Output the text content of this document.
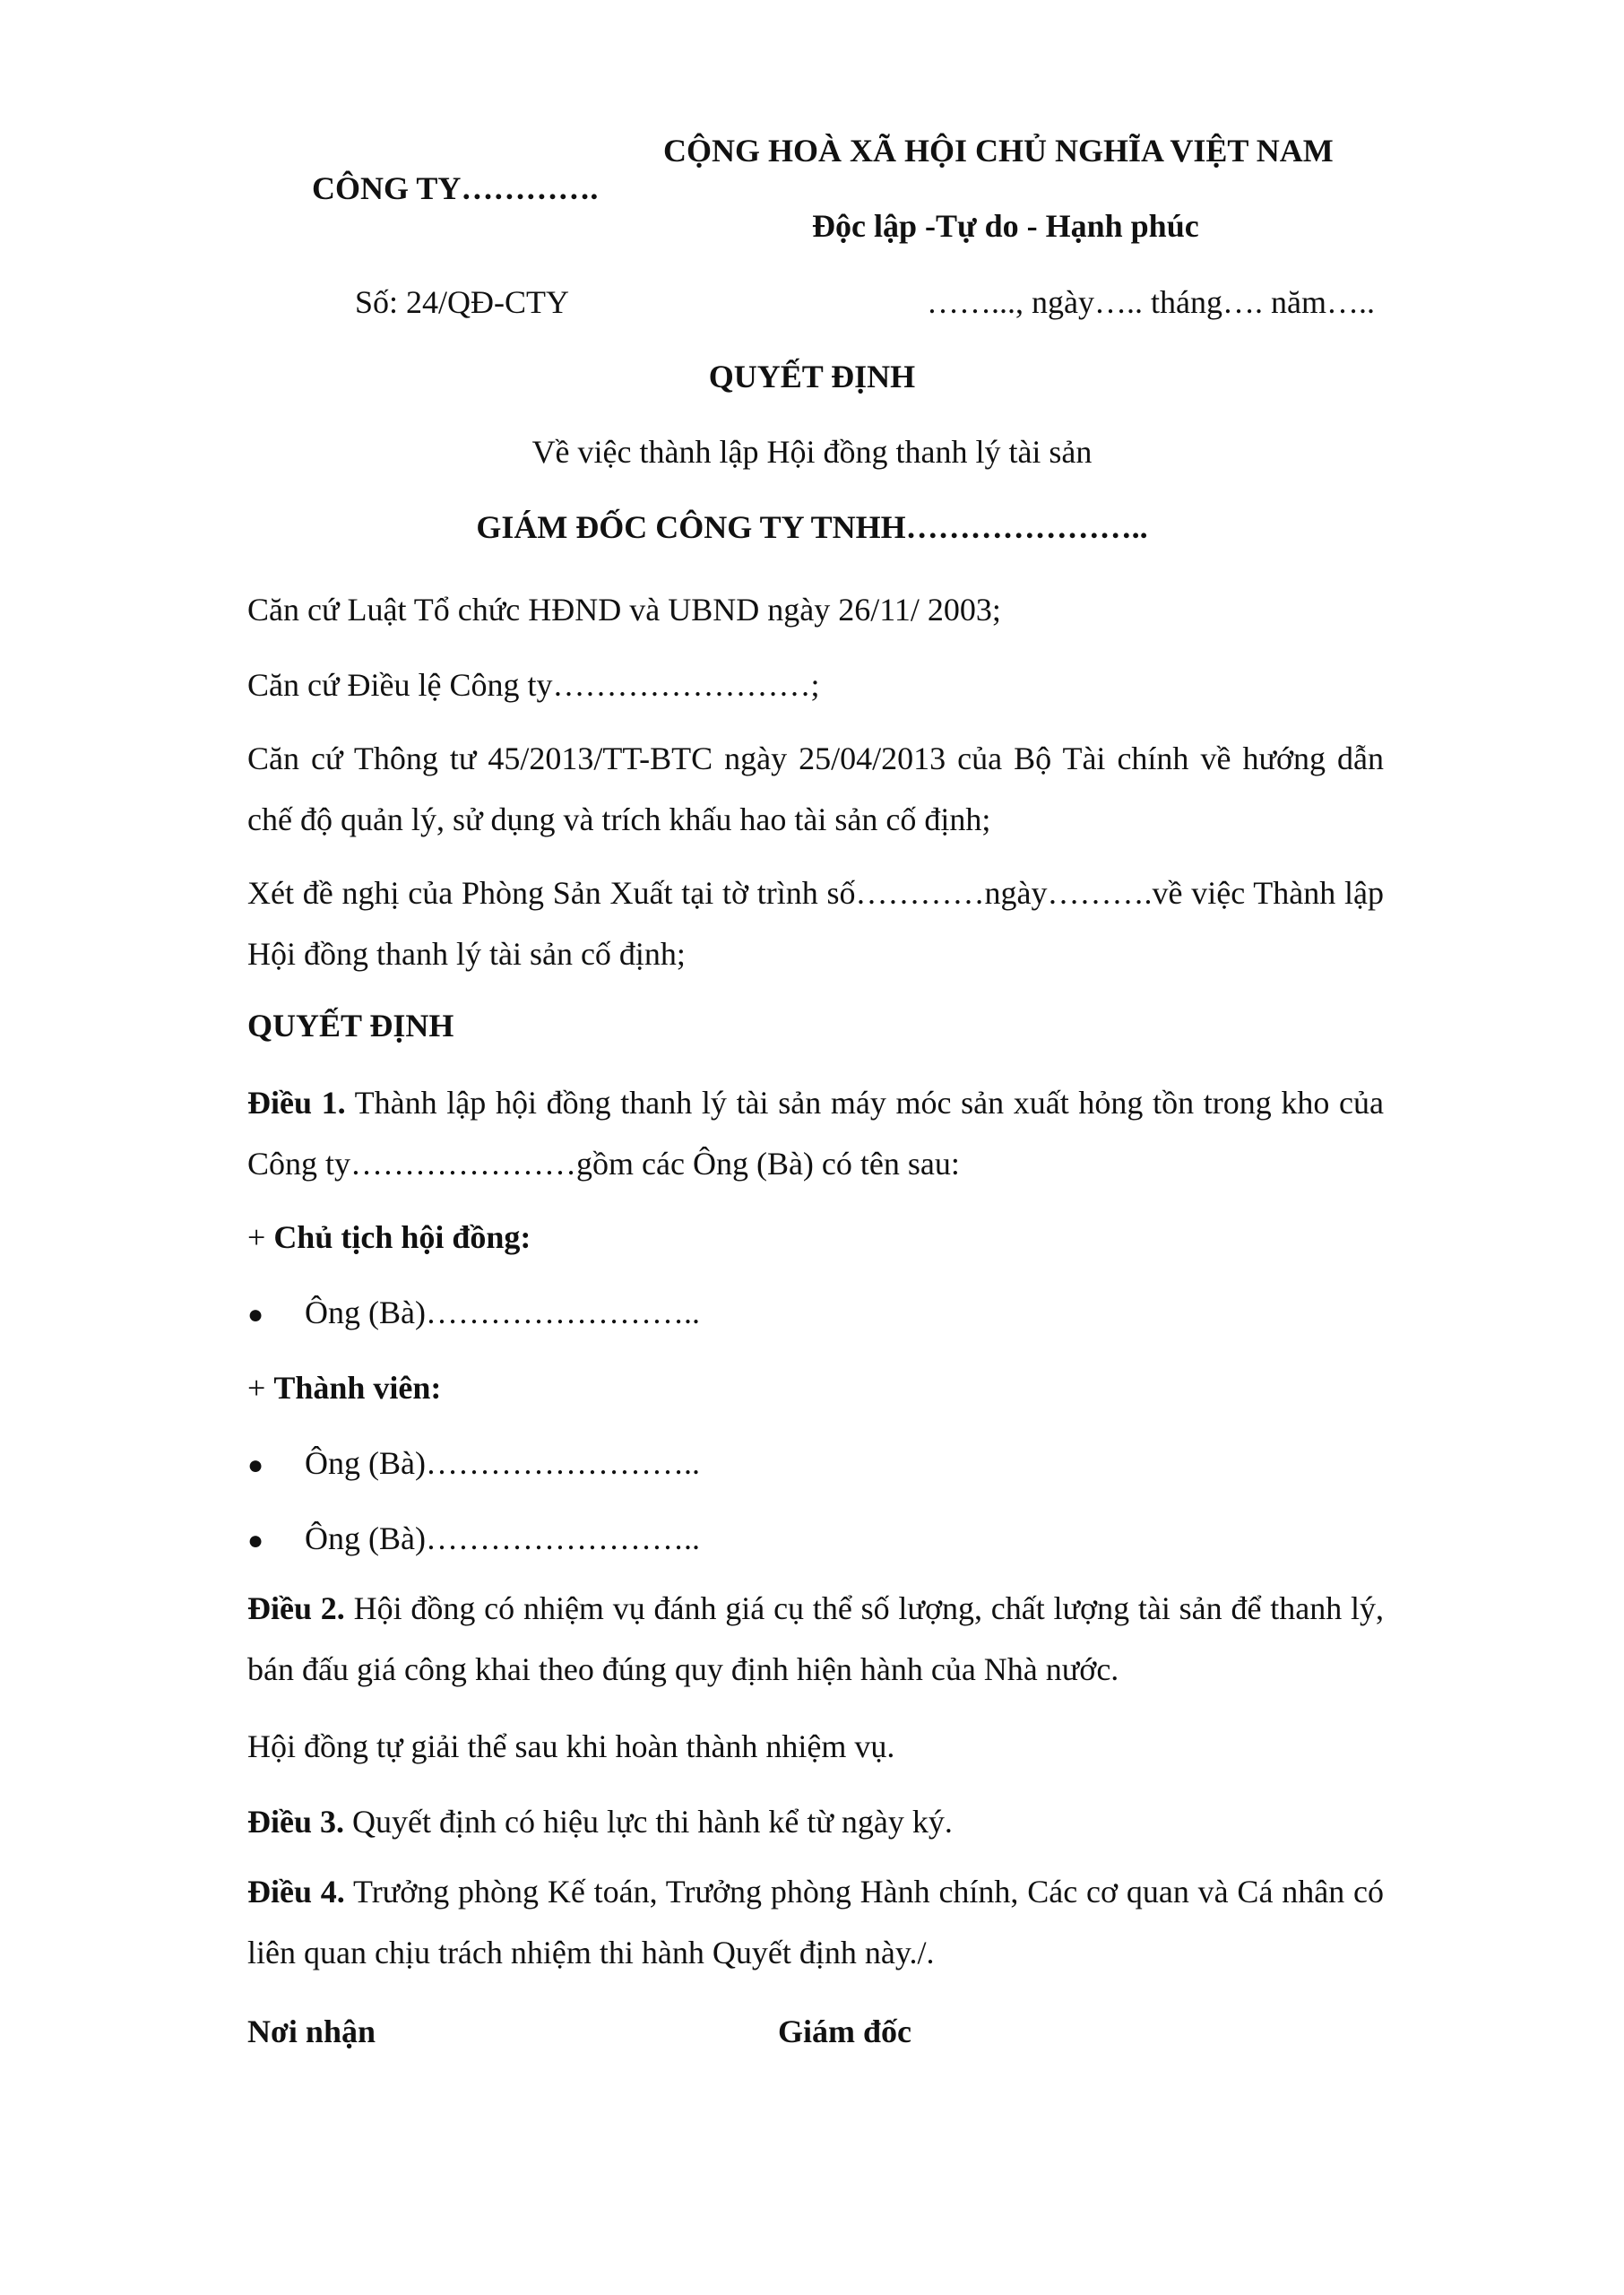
CỘNG HOÀ XÃ HỘI CHỦ NGHĨA VIỆT NAM
CÔNG TY………….
Độc lập -Tự do - Hạnh phúc
Số: 24/QĐ-CTY	……..., ngày….. tháng…. năm…..
QUYẾT ĐỊNH
Về việc thành lập Hội đồng thanh lý tài sản
GIÁM ĐỐC CÔNG TY TNHH…………………..
Căn cứ Luật Tổ chức HĐND và UBND ngày 26/11/ 2003;
Căn cứ Điều lệ Công ty……………………;
Căn cứ Thông tư 45/2013/TT-BTC ngày 25/04/2013 của Bộ Tài chính về hướng dẫn chế độ quản lý, sử dụng và trích khấu hao tài sản cố định;
Xét đề nghị của Phòng Sản Xuất tại tờ trình số…………ngày……….về việc Thành lập Hội đồng thanh lý tài sản cố định;
QUYẾT ĐỊNH
Điều 1. Thành lập hội đồng thanh lý tài sản máy móc sản xuất hỏng tồn trong kho của Công ty…………………gồm các Ông (Bà) có tên sau:
+ Chủ tịch hội đồng:
● Ông (Bà)……………………..
+ Thành viên:
● Ông (Bà)……………………..
● Ông (Bà)……………………..
Điều 2. Hội đồng có nhiệm vụ đánh giá cụ thể số lượng, chất lượng tài sản để thanh lý, bán đấu giá công khai theo đúng quy định hiện hành của Nhà nước.
Hội đồng tự giải thể sau khi hoàn thành nhiệm vụ.
Điều 3. Quyết định có hiệu lực thi hành kể từ ngày ký.
Điều 4. Trưởng phòng Kế toán, Trưởng phòng Hành chính, Các cơ quan và Cá nhân có liên quan chịu trách nhiệm thi hành Quyết định này./.
Nơi nhận	Giám đốc
